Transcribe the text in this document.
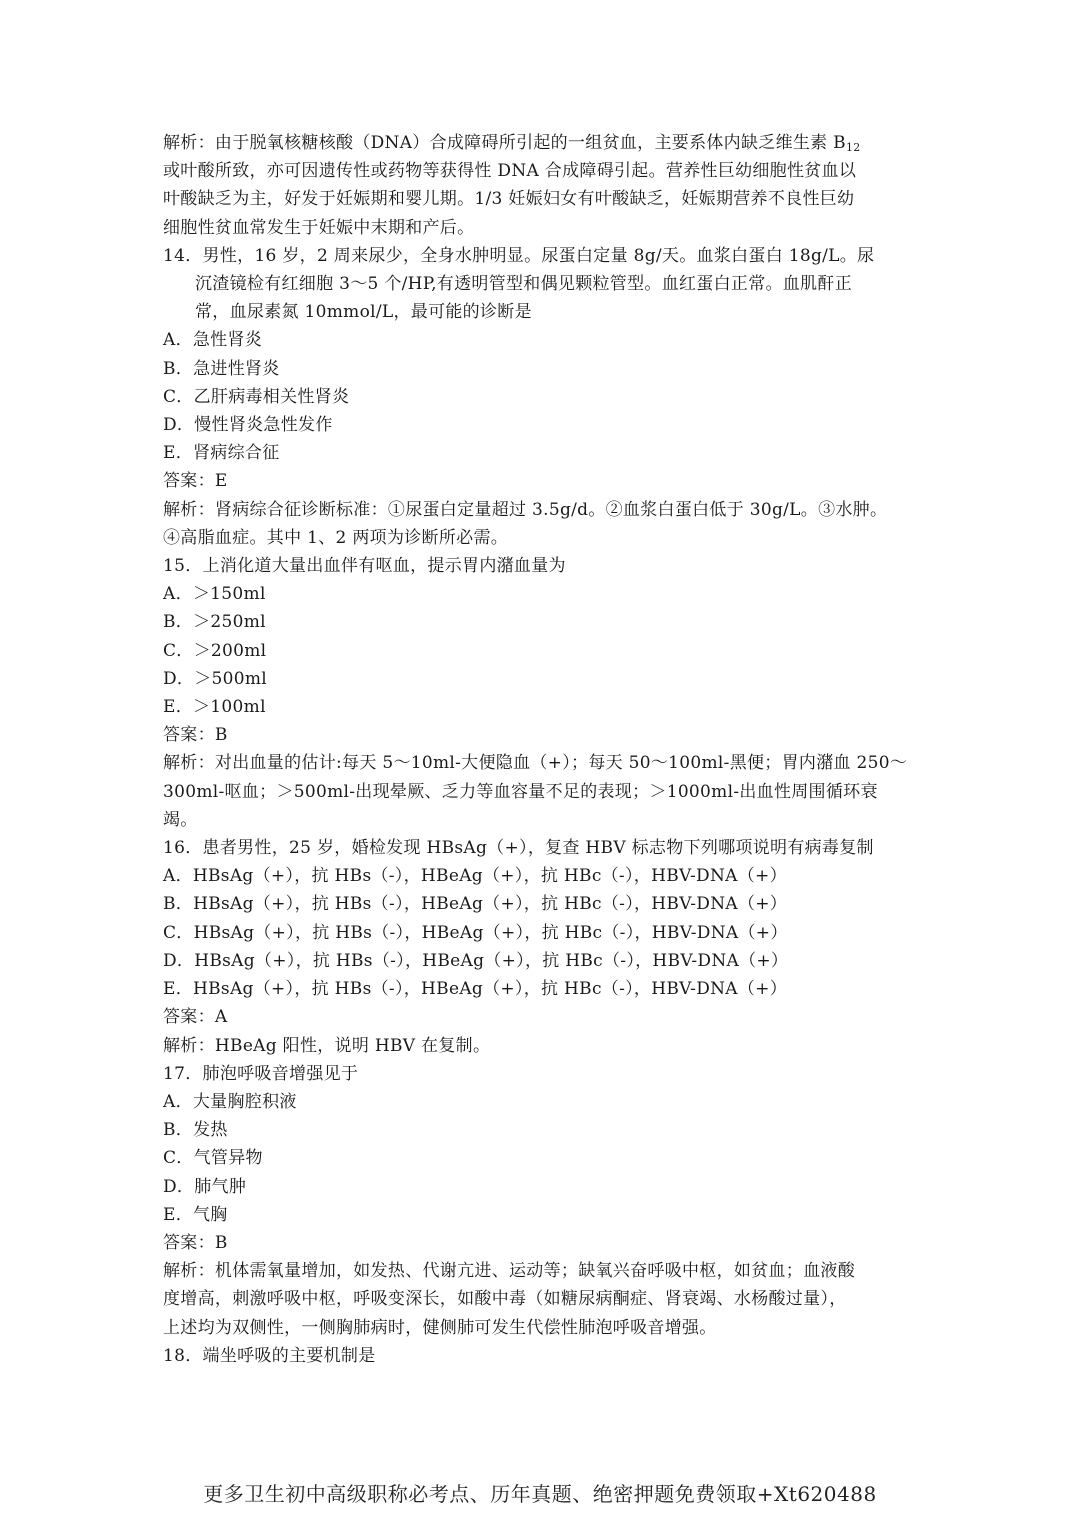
解析：由于脱氧核糖核酸（DNA）合成障碍所引起的一组贫血，主要系体内缺乏维生素 $B_{12}$
或叶酸所致，亦可因遗传性或药物等获得性 DNA 合成障碍引起。营养性巨幼细胞性贫血以
叶酸缺乏为主，好发于妊娠期和婴儿期。1/3 妊娠妇女有叶酸缺乏，妊娠期营养不良性巨幼
细胞性贫血常发生于妊娠中末期和产后。
14．男性，16 岁，2 周来尿少，全身水肿明显。尿蛋白定量 8g/天。血浆白蛋白 18g/L。尿
沉渣镜检有红细胞 3～5 个/HP,有透明管型和偶见颗粒管型。血红蛋白正常。血肌酐正
常，血尿素氮 10mmol/L，最可能的诊断是
A．急性肾炎
B．急进性肾炎
C．乙肝病毒相关性肾炎
D．慢性肾炎急性发作
E．肾病综合征
答案：E
解析：肾病综合征诊断标准：①尿蛋白定量超过 3.5g/d。②血浆白蛋白低于 30g/L。③水肿。
④高脂血症。其中 1、2 两项为诊断所必需。
15．上消化道大量出血伴有呕血，提示胃内潴血量为
A．＞150ml
B．＞250ml
C．＞200ml
D．＞500ml
E．＞100ml
答案：B
解析：对出血量的估计:每天 5～10ml-大便隐血（+）；每天 50～100ml-黑便；胃内潴血 250～
300ml-呕血；＞500ml-出现晕厥、乏力等血容量不足的表现；＞1000ml-出血性周围循环衰
竭。
16．患者男性，25 岁，婚检发现 HBsAg（+），复查 HBV 标志物下列哪项说明有病毒复制
A．HBsAg（+），抗 HBs（-），HBeAg（+），抗 HBc（-），HBV-DNA（+）
B．HBsAg（+），抗 HBs（-），HBeAg（+），抗 HBc（-），HBV-DNA（+）
C．HBsAg（+），抗 HBs（-），HBeAg（+），抗 HBc（-），HBV-DNA（+）
D．HBsAg（+），抗 HBs（-），HBeAg（+），抗 HBc（-），HBV-DNA（+）
E．HBsAg（+），抗 HBs（-），HBeAg（+），抗 HBc（-），HBV-DNA（+）
答案：A
解析：HBeAg 阳性，说明 HBV 在复制。
17．肺泡呼吸音增强见于
A．大量胸腔积液
B．发热
C．气管异物
D．肺气肿
E．气胸
答案：B
解析：机体需氧量增加，如发热、代谢亢进、运动等；缺氧兴奋呼吸中枢，如贫血；血液酸
度增高，刺激呼吸中枢，呼吸变深长，如酸中毒（如糖尿病酮症、肾衰竭、水杨酸过量），
上述均为双侧性，一侧胸肺病时，健侧肺可发生代偿性肺泡呼吸音增强。
18．端坐呼吸的主要机制是
更多卫生初中高级职称必考点、历年真题、绝密押题免费领取+Xt620488
